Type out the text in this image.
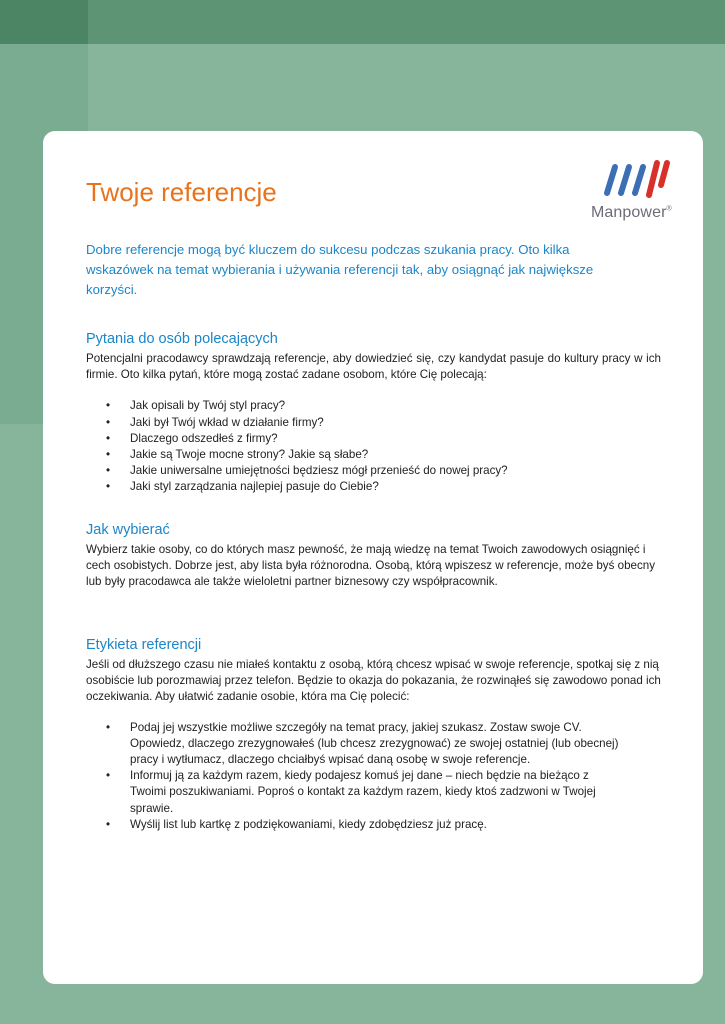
Twoje referencje
Manpower®

Dobre referencje mogą być kluczem do sukcesu podczas szukania pracy. Oto kilka wskazówek na temat wybierania i używania referencji tak, aby osiągnąć jak największe korzyści.

Pytania do osób polecających

Potencjalni pracodawcy sprawdzają referencje, aby dowiedzieć się, czy kandydat pasuje do kultury pracy w ich firmie. Oto kilka pytań, które mogą zostać zadane osobom, które Cię polecają:

• Jak opisali by Twój styl pracy?
• Jaki był Twój wkład w działanie firmy?
• Dlaczego odszedłeś z firmy?
• Jakie są Twoje mocne strony? Jakie są słabe?
• Jakie uniwersalne umiejętności będziesz mógł przenieść do nowej pracy?
• Jaki styl zarządzania najlepiej pasuje do Ciebie?
Jak wybierać

Wybierz takie osoby, co do których masz pewność, że mają wiedzę na temat Twoich zawodowych osiągnięć i cech osobistych. Dobrze jest, aby lista była różnorodna. Osobą, którą wpiszesz w referencje, może byś obecny lub były pracodawca ale także wieloletni partner biznesowy czy współpracownik.

Etykieta referencji

Jeśli od dłuższego czasu nie miałeś kontaktu z osobą, którą chcesz wpisać w swoje referencje, spotkaj się z nią osobiście lub porozmawiaj przez telefon. Będzie to okazja do pokazania, że rozwinąłeś się zawodowo ponad ich oczekiwania. Aby ułatwić zadanie osobie, która ma Cię polecić:

• Podaj jej wszystkie możliwe szczegóły na temat pracy, jakiej szukasz. Zostaw swoje CV. Opowiedz, dlaczego zrezygnowałeś (lub chcesz zrezygnować) ze swojej ostatniej (lub obecnej) pracy i wytłumacz, dlaczego chciałbyś wpisać daną osobę w swoje referencje.
• Informuj ją za każdym razem, kiedy podajesz komuś jej dane – niech będzie na bieżąco z Twoimi poszukiwaniami. Poproś o kontakt za każdym razem, kiedy ktoś zadzwoni w Twojej sprawie.
• Wyślij list lub kartkę z podziękowaniami, kiedy zdobędziesz już pracę.
